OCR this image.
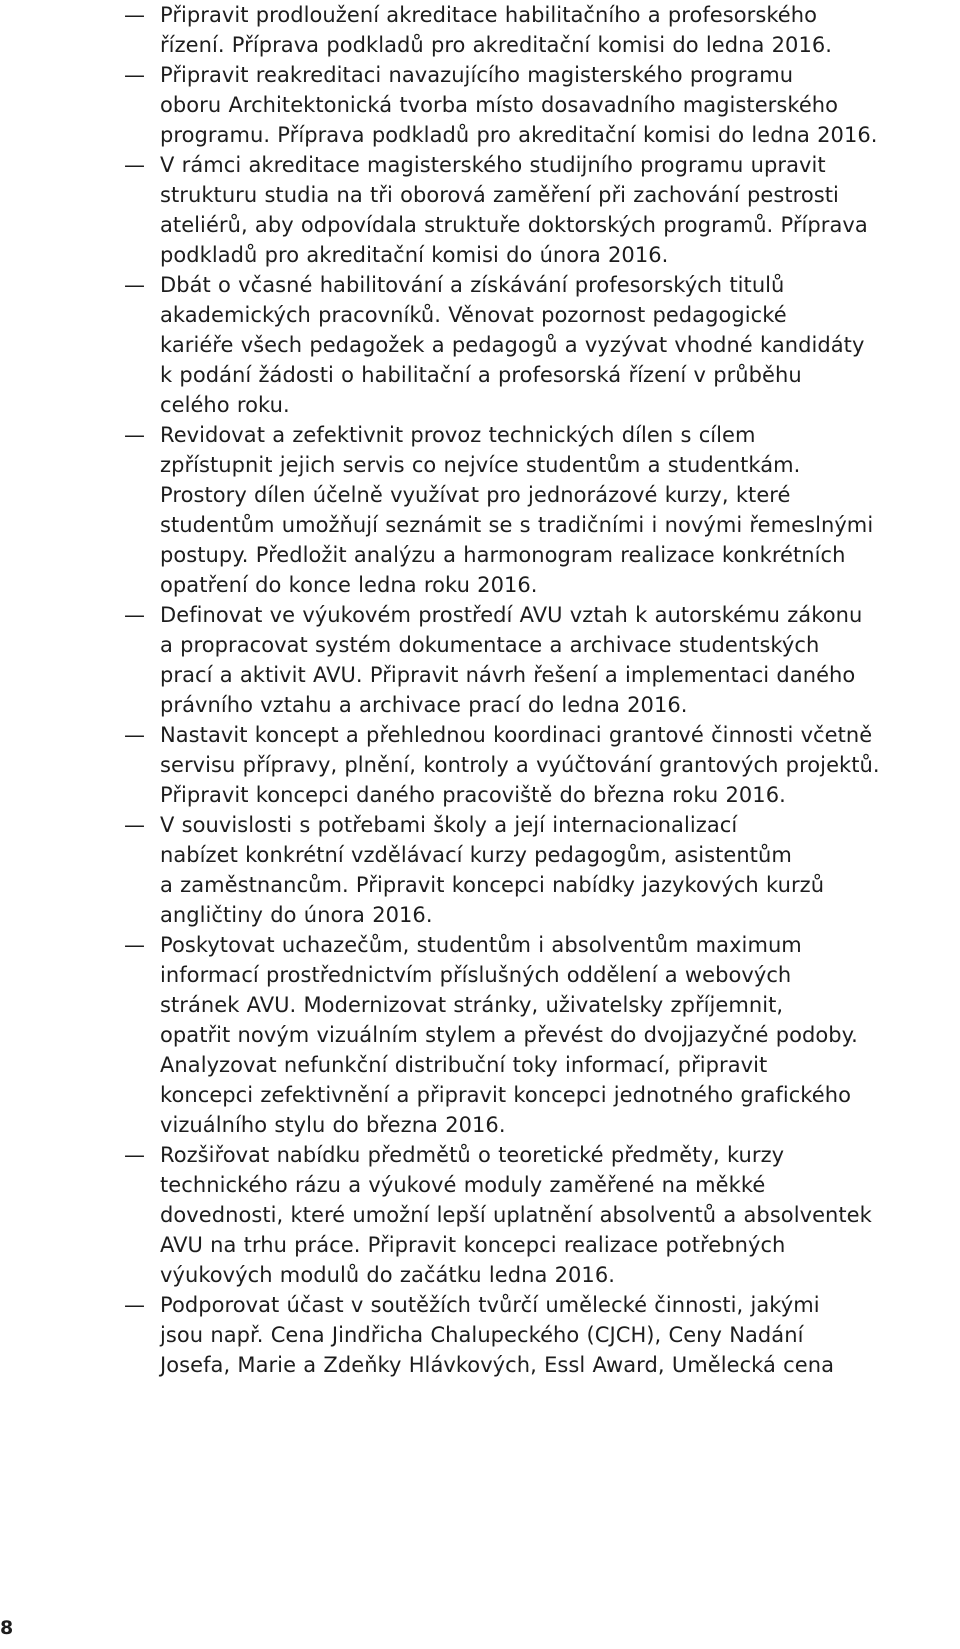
— Připravit prodloužení akreditace habilitačního a profesorského
řízení. Příprava podkladů pro akreditační komisi do ledna 2016.
— Připravit reakreditaci navazujícího magisterského programu
oboru Architektonická tvorba místo dosavadního magisterského
programu. Příprava podkladů pro akreditační komisi do ledna 2016.
— V rámci akreditace magisterského studijního programu upravit
strukturu studia na tři oborová zaměření při zachování pestrosti
ateliérů, aby odpovídala struktuře doktorských programů. Příprava
podkladů pro akreditační komisi do února 2016.
— Dbát o včasné habilitování a získávání profesorských titulů
akademických pracovníků. Věnovat pozornost pedagogické
kariéře všech pedagožek a pedagogů a vyzývat vhodné kandidáty
k podání žádosti o habilitační a profesorská řízení v průběhu
celého roku.
— Revidovat a zefektivnit provoz technických dílen s cílem
zpřístupnit jejich servis co nejvíce studentům a studentkám.
Prostory dílen účelně využívat pro jednorázové kurzy, které
studentům umožňují seznámit se s tradičními i novými řemeslnými
postupy. Předložit analýzu a harmonogram realizace konkrétních
opatření do konce ledna roku 2016.
— Definovat ve výukovém prostředí AVU vztah k autorskému zákonu
a propracovat systém dokumentace a archivace studentských
prací a aktivit AVU. Připravit návrh řešení a implementaci daného
právního vztahu a archivace prací do ledna 2016.
— Nastavit koncept a přehlednou koordinaci grantové činnosti včetně
servisu přípravy, plnění, kontroly a vyúčtování grantových projektů.
Připravit koncepci daného pracoviště do března roku 2016.
— V souvislosti s potřebami školy a její internacionalizací
nabízet konkrétní vzdělávací kurzy pedagogům, asistentům
a zaměstnancům. Připravit koncepci nabídky jazykových kurzů
angličtiny do února 2016.
— Poskytovat uchazečům, studentům i absolventům maximum
informací prostřednictvím příslušných oddělení a webových
stránek AVU. Modernizovat stránky, uživatelsky zpříjemnit,
opatřit novým vizuálním stylem a převést do dvojjazyčné podoby.
Analyzovat nefunkční distribuční toky informací, připravit
koncepci zefektivnění a připravit koncepci jednotného grafického
vizuálního stylu do března 2016.
— Rozšiřovat nabídku předmětů o teoretické předměty, kurzy
technického rázu a výukové moduly zaměřené na měkké
dovednosti, které umožní lepší uplatnění absolventů a absolventek
AVU na trhu práce. Připravit koncepci realizace potřebných
výukových modulů do začátku ledna 2016.
— Podporovat účast v soutěžích tvůrčí umělecké činnosti, jakými
jsou např. Cena Jindřicha Chalupeckého (CJCH), Ceny Nadání
Josefa, Marie a Zdeňky Hlávkových, Essl Award, Umělecká cena
8
